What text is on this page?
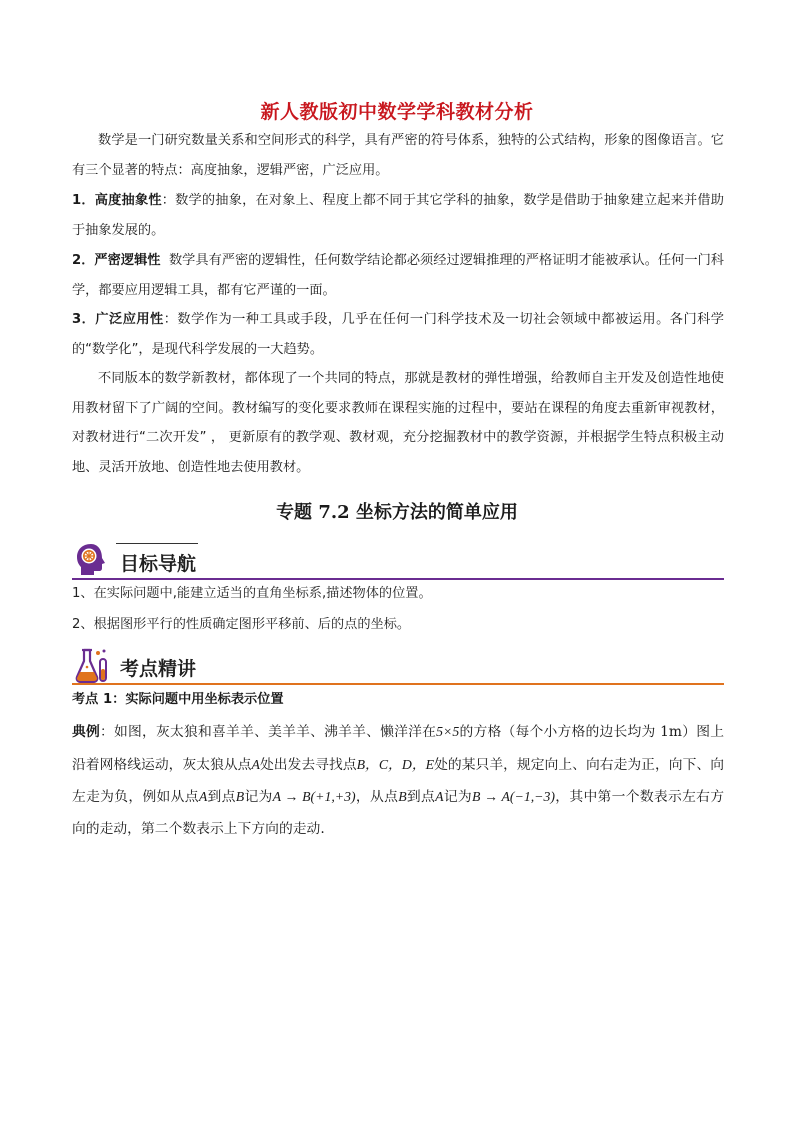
新人教版初中数学学科教材分析

数学是一门研究数量关系和空间形式的科学，具有严密的符号体系，独特的公式结构，形象的图像语言。它有三个显著的特点：高度抽象，逻辑严密，广泛应用。

1．高度抽象性：数学的抽象，在对象上、程度上都不同于其它学科的抽象，数学是借助于抽象建立起来并借助于抽象发展的。

2．严密逻辑性  数学具有严密的逻辑性，任何数学结论都必须经过逻辑推理的严格证明才能被承认。任何一门科学，都要应用逻辑工具，都有它严谨的一面。

3．广泛应用性：数学作为一种工具或手段，几乎在任何一门科学技术及一切社会领域中都被运用。各门科学的“数学化”，是现代科学发展的一大趋势。

不同版本的数学新教材，都体现了一个共同的特点，那就是教材的弹性增强，给教师自主开发及创造性地使用教材留下了广阔的空间。教材编写的变化要求教师在课程实施的过程中，要站在课程的角度去重新审视教材，对教材进行“二次开发” ， 更新原有的教学观、教材观，充分挖掘教材中的教学资源，并根据学生特点积极主动地、灵活开放地、创造性地去使用教材。

专题 7.2 坐标方法的简单应用
目标导航
1、在实际问题中,能建立适当的直角坐标系,描述物体的位置。
2、根据图形平行的性质确定图形平移前、后的点的坐标。
考点精讲
考点 1：实际问题中用坐标表示位置

典例：如图，灰太狼和喜羊羊、美羊羊、沸羊羊、懒洋洋在5×5的方格（每个小方格的边长均为 1m）图上沿着网格线运动，灰太狼从点A处出发去寻找点B，C，D，E处的某只羊，规定向上、向右走为正，向下、向左走为负，例如从点A到点B记为A → B(+1,+3)，从点B到点A记为B → A(−1,−3)，其中第一个数表示左右方向的走动，第二个数表示上下方向的走动.
